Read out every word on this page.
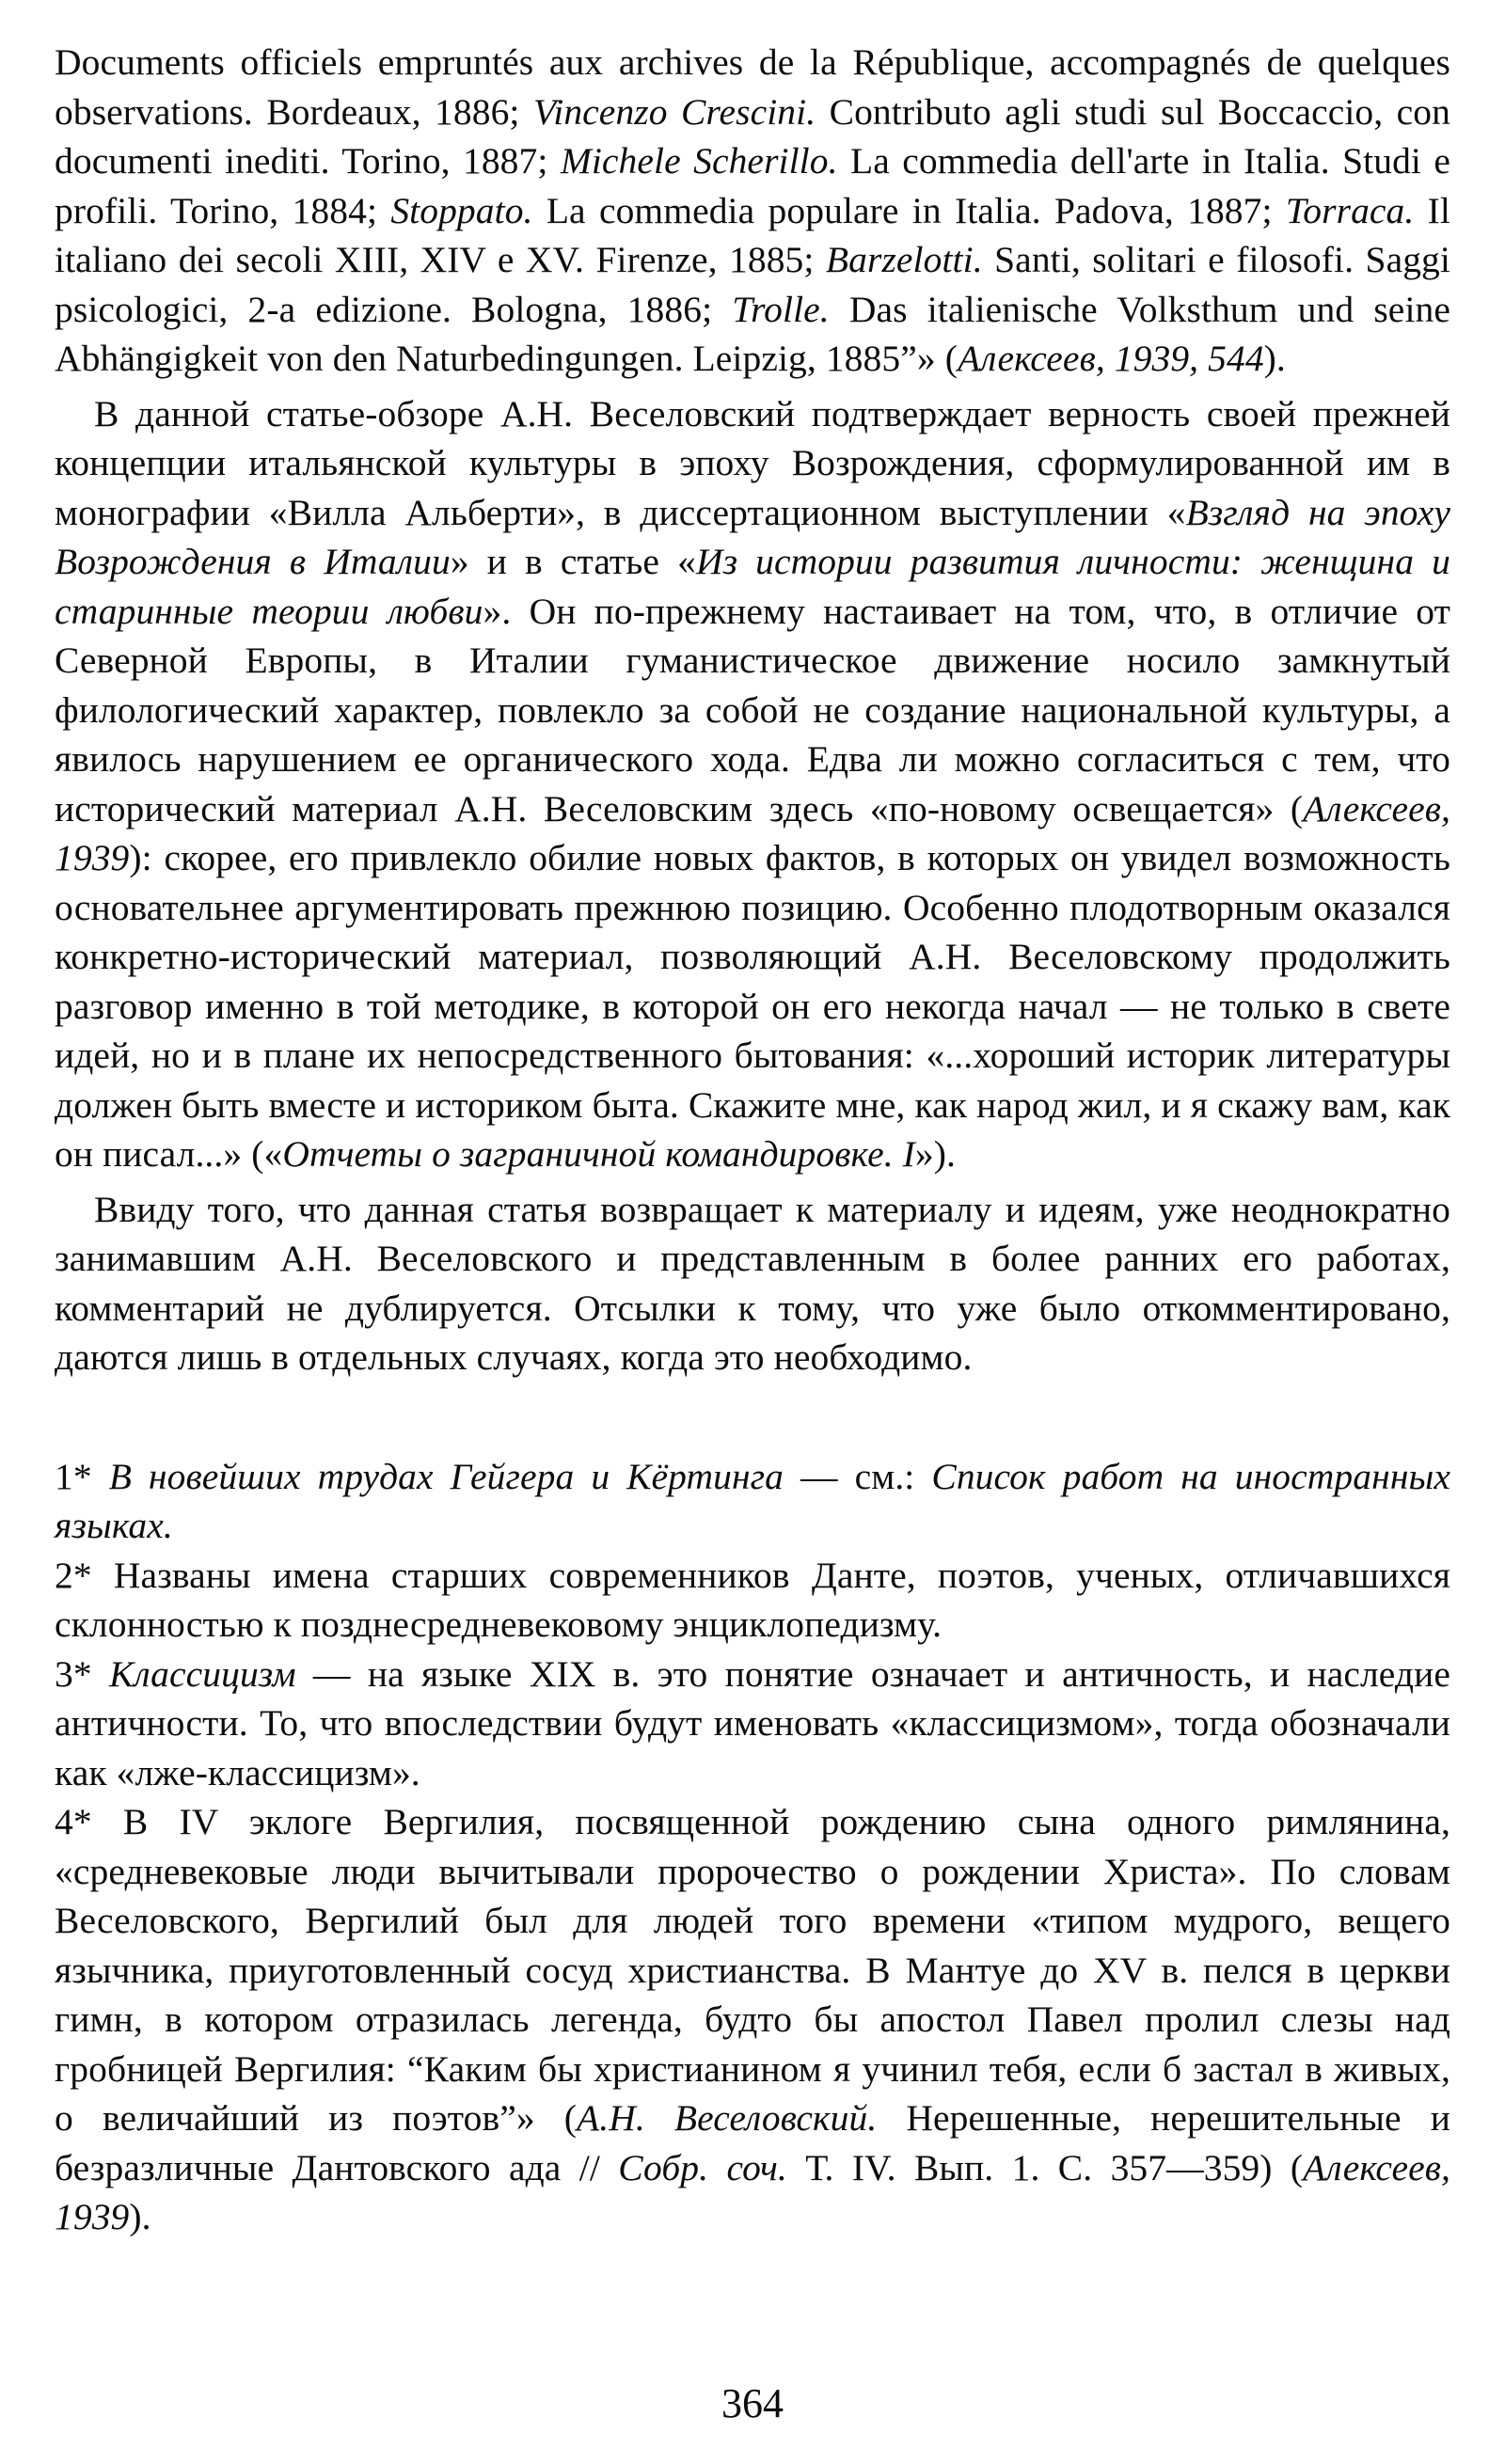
Documents officiels empruntés aux archives de la République, accompagnés de quelques observations. Bordeaux, 1886; Vincenzo Crescini. Contributo agli studi sul Boccaccio, con documenti inediti. Torino, 1887; Michele Scherillo. La commedia dell'arte in Italia. Studi e profili. Torino, 1884; Stoppato. La commedia populare in Italia. Padova, 1887; Torraca. Il italiano dei secoli XIII, XIV e XV. Firenze, 1885; Barzelotti. Santi, solitari e filosofi. Saggi psicologici, 2-a edizione. Bologna, 1886; Trolle. Das italienische Volksthum und seine Abhängigkeit von den Naturbedingungen. Leipzig, 1885”» (Алексеев, 1939, 544).

В данной статье-обзоре А.Н. Веселовский подтверждает верность своей прежней концепции итальянской культуры в эпоху Возрождения, сформулированной им в монографии «Вилла Альберти», в диссертационном выступлении «Взгляд на эпоху Возрождения в Италии» и в статье «Из истории развития личности: женщина и старинные теории любви». Он по-прежнему настаивает на том, что, в отличие от Северной Европы, в Италии гуманистическое движение носило замкнутый филологический характер, повлекло за собой не создание национальной культуры, а явилось нарушением ее органического хода. Едва ли можно согласиться с тем, что исторический материал А.Н. Веселовским здесь «по-новому освещается» (Алексеев, 1939): скорее, его привлекло обилие новых фактов, в которых он увидел возможность основательнее аргументировать прежнюю позицию. Особенно плодотворным оказался конкретно-исторический материал, позволяющий А.Н. Веселовскому продолжить разговор именно в той методике, в которой он его некогда начал — не только в свете идей, но и в плане их непосредственного бытования: «...хороший историк литературы должен быть вместе и историком быта. Скажите мне, как народ жил, и я скажу вам, как он писал...» («Отчеты о заграничной командировке. I»).

Ввиду того, что данная статья возвращает к материалу и идеям, уже неоднократно занимавшим А.Н. Веселовского и представленным в более ранних его работах, комментарий не дублируется. Отсылки к тому, что уже было откомментировано, даются лишь в отдельных случаях, когда это необходимо.

1* В новейших трудах Гейгера и Кёртинга — см.: Список работ на иностранных языках.

2* Названы имена старших современников Данте, поэтов, ученых, отличавшихся склонностью к позднесредневековому энциклопедизму.

3* Классицизм — на языке XIX в. это понятие означает и античность, и наследие античности. То, что впоследствии будут именовать «классицизмом», тогда обозначали как «лже-классицизм».

4* В IV эклоге Вергилия, посвященной рождению сына одного римлянина, «средневековые люди вычитывали пророчество о рождении Христа». По словам Веселовского, Вергилий был для людей того времени «типом мудрого, вещего язычника, приуготовленный сосуд христианства. В Мантуе до XV в. пелся в церкви гимн, в котором отразилась легенда, будто бы апостол Павел пролил слезы над гробницей Вергилия: “Каким бы христианином я учинил тебя, если б застал в живых, о величайший из поэтов”» (А.Н. Веселовский. Нерешенные, нерешительные и безразличные Дантовского ада // Собр. соч. Т. IV. Вып. 1. С. 357—359) (Алексеев, 1939).

364
